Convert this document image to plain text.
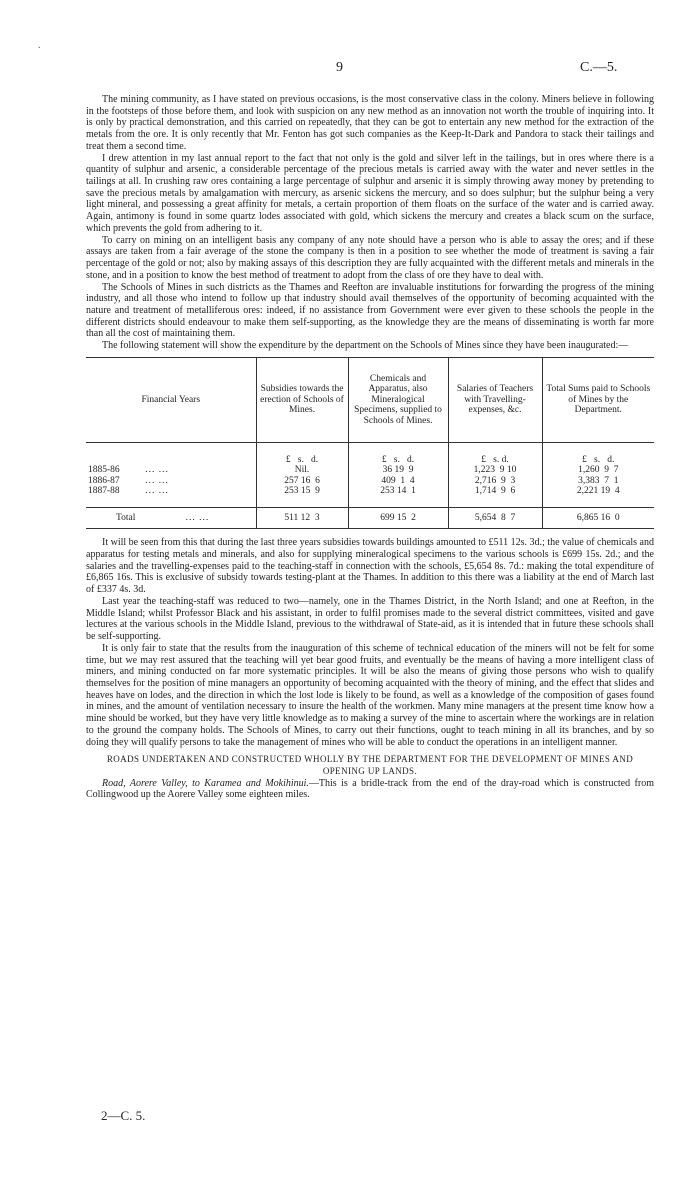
.
9	C.—5.

The mining community, as I have stated on previous occasions, is the most conservative class in the colony. Miners believe in following in the footsteps of those before them, and look with suspicion on any new method as an innovation not worth the trouble of inquiring into. It is only by practical demonstration, and this carried on repeatedly, that they can be got to entertain any new method for the extraction of the metals from the ore. It is only recently that Mr. Fenton has got such companies as the Keep-It-Dark and Pandora to stack their tailings and treat them a second time.

I drew attention in my last annual report to the fact that not only is the gold and silver left in the tailings, but in ores where there is a quantity of sulphur and arsenic, a considerable percentage of the precious metals is carried away with the water and never settles in the tailings at all. In crushing raw ores containing a large percentage of sulphur and arsenic it is simply throwing away money by pretending to save the precious metals by amalgamation with mercury, as arsenic sickens the mercury, and so does sulphur; but the sulphur being a very light mineral, and possessing a great affinity for metals, a certain proportion of them floats on the surface of the water and is carried away. Again, antimony is found in some quartz lodes associated with gold, which sickens the mercury and creates a black scum on the surface, which prevents the gold from adhering to it.

To carry on mining on an intelligent basis any company of any note should have a person who is able to assay the ores; and if these assays are taken from a fair average of the stone the company is then in a position to see whether the mode of treatment is saving a fair percentage of the gold or not; also by making assays of this description they are fully acquainted with the different metals and minerals in the stone, and in a position to know the best method of treatment to adopt from the class of ore they have to deal with.

The Schools of Mines in such districts as the Thames and Reefton are invaluable institutions for forwarding the progress of the mining industry, and all those who intend to follow up that industry should avail themselves of the opportunity of becoming acquainted with the nature and treatment of metalliferous ores: indeed, if no assistance from Government were ever given to these schools the people in the different districts should endeavour to make them self-supporting, as the knowledge they are the means of disseminating is worth far more than all the cost of maintaining them.

The following statement will show the expenditure by the department on the Schools of Mines since they have been inaugurated:—

Financial Years	Subsidies towards the erection of Schools of Mines.	Chemicals and Apparatus, also Mineralogical Specimens, supplied to Schools of Mines.	Salaries of Teachers with Travelling-expenses, &c.	Total Sums paid to Schools of Mines by the Department.
	£   s.   d.	£   s.   d.	£   s. d.	£   s.   d.
1885-86 ... ...	Nil.	36 19  9	1,223  9 10	1,260  9  7
1886-87 ... ...	257 16  6	409  1  4	2,716  9  3	3,383  7  1
1887-88 ... ...	253 15  9	253 14  1	1,714  9  6	2,221 19  4
Total ... ...	511 12  3	699 15  2	5,654  8  7	6,865 16  0

It will be seen from this that during the last three years subsidies towards buildings amounted to £511 12s. 3d.; the value of chemicals and apparatus for testing metals and minerals, and also for supplying mineralogical specimens to the various schools is £699 15s. 2d.; and the salaries and the travelling-expenses paid to the teaching-staff in connection with the schools, £5,654 8s. 7d.: making the total expenditure of £6,865 16s. This is exclusive of subsidy towards testing-plant at the Thames. In addition to this there was a liability at the end of March last of £337 4s. 3d.

Last year the teaching-staff was reduced to two—namely, one in the Thames District, in the North Island; and one at Reefton, in the Middle Island; whilst Professor Black and his assistant, in order to fulfil promises made to the several district committees, visited and gave lectures at the various schools in the Middle Island, previous to the withdrawal of State-aid, as it is intended that in future these schools shall be self-supporting.

It is only fair to state that the results from the inauguration of this scheme of technical education of the miners will not be felt for some time, but we may rest assured that the teaching will yet bear good fruits, and eventually be the means of having a more intelligent class of miners, and mining conducted on far more systematic principles. It will be also the means of giving those persons who wish to qualify themselves for the position of mine managers an opportunity of becoming acquainted with the theory of mining, and the effect that slides and heaves have on lodes, and the direction in which the lost lode is likely to be found, as well as a knowledge of the composition of gases found in mines, and the amount of ventilation necessary to insure the health of the workmen. Many mine managers at the present time know how a mine should be worked, but they have very little knowledge as to making a survey of the mine to ascertain where the workings are in relation to the ground the company holds. The Schools of Mines, to carry out their functions, ought to teach mining in all its branches, and by so doing they will qualify persons to take the management of mines who will be able to conduct the operations in an intelligent manner.

ROADS UNDERTAKEN AND CONSTRUCTED WHOLLY BY THE DEPARTMENT FOR THE DEVELOPMENT OF MINES AND OPENING UP LANDS.

Road, Aorere Valley, to Karamea and Mokihinui.—This is a bridle-track from the end of the dray-road which is constructed from Collingwood up the Aorere Valley some eighteen miles.

2—C. 5.
